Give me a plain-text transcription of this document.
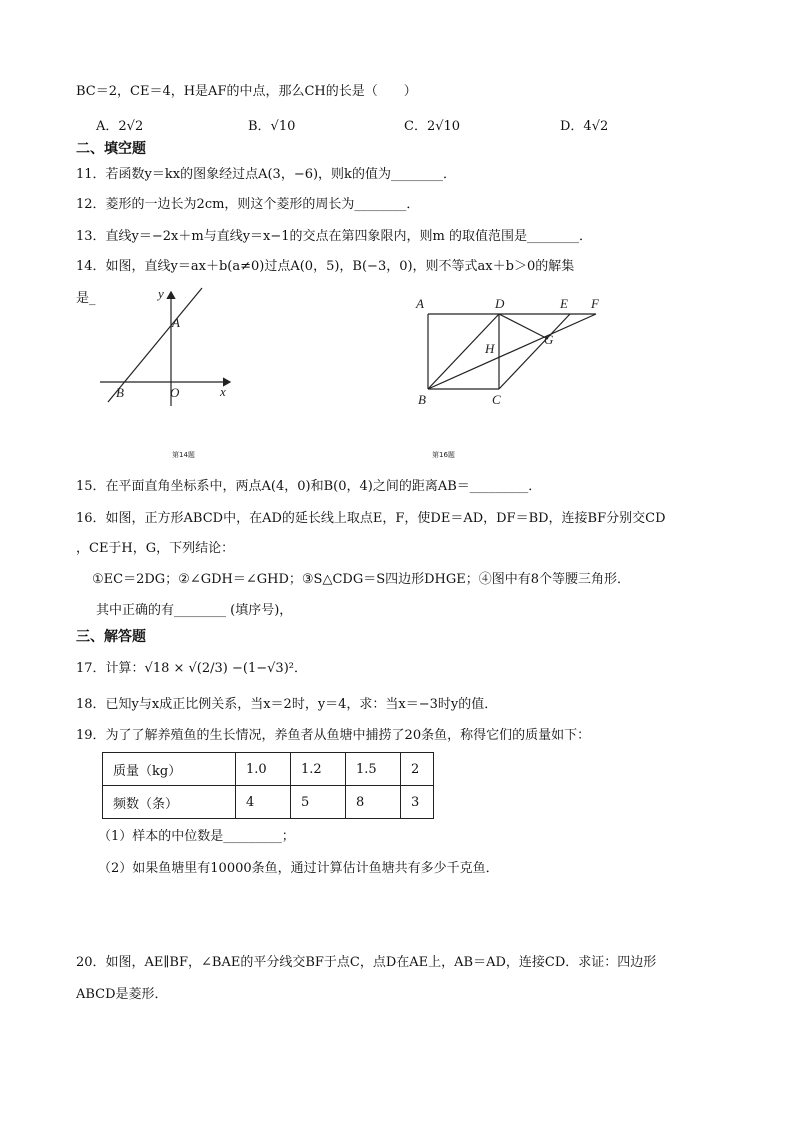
BC＝2，CE＝4，H是AF的中点，那么CH的长是（　　）
A．2√2	B．√10	C．2√10	D．4√2
二、填空题
11．若函数y＝kx的图象经过点A(3，−6)，则k的值为________．
12．菱形的一边长为2cm，则这个菱形的周长为________．
13．直线y＝−2x＋m与直线y＝x−1的交点在第四象限内，则m 的取值范围是________．
14．如图，直线y＝ax＋b(a≠0)过点A(0，5)，B(−3，0)，则不等式ax＋b＞0的解集
是_	y
A
x
B	O
第14题
A	D	E F
H
G
B	C
第16题
15．在平面直角坐标系中，两点A(4，0)和B(0，4)之间的距离AB＝_________．
16．如图，正方形ABCD中，在AD的延长线上取点E，F，使DE＝AD，DF＝BD，连接BF分别交CD
，CE于H，G，下列结论：
①EC＝2DG；②∠GDH＝∠GHD；③S△CDG＝S四边形DHGE；④图中有8个等腰三角形．
其中正确的有________ (填序号)，
三、解答题
17．计算：√18 × √(2/3) −(1−√3)²．
18．已知y与x成正比例关系，当x＝2时，y＝4，求：当x＝−3时y的值．
19．为了了解养殖鱼的生长情况，养鱼者从鱼塘中捕捞了20条鱼，称得它们的质量如下：
质量（kg）	1.0	1.2	1.5	2
频数（条）	4	5	8	3
（1）样本的中位数是_________；
（2）如果鱼塘里有10000条鱼，通过计算估计鱼塘共有多少千克鱼．
20．如图，AE∥BF，∠BAE的平分线交BF于点C，点D在AE上，AB＝AD，连接CD．求证：四边形
ABCD是菱形．
